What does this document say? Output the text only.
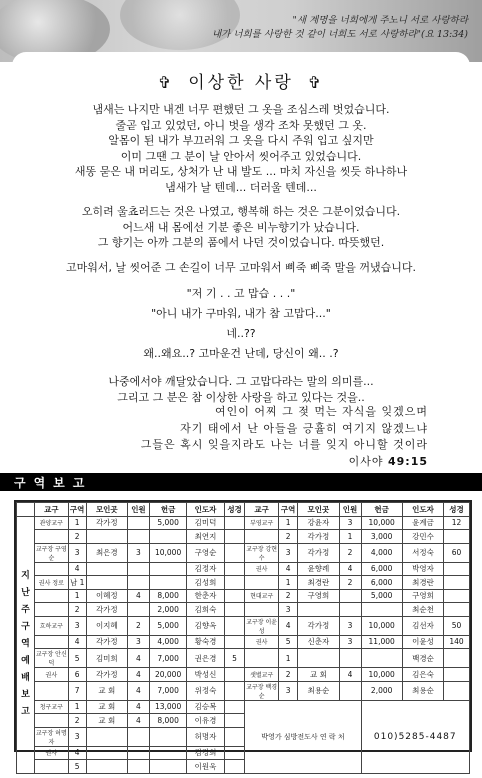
"새 계명을 너희에게 주노니 서로 사랑하라
내가 너희를 사랑한 것 같이 너희도 서로 사랑하라"(요 13:34)
✞ 이상한 사랑 ✞

냄새는 나지만 내겐 너무 편했던 그 옷을 조심스레 벗었습니다.
줄곧 입고 있었던, 아니 벗을 생각 조차 못했던 그 옷.
알몸이 된 내가 부끄러워 그 옷을 다시 주워 입고 싶지만
이미 그땐 그 분이 날 안아서 씻어주고 있었습니다.
새똥 묻은 내 머리도, 상처가 난 내 발도 ... 마치 자신을 씻듯 하나하나
냄새가 날 텐데... 더러울 텐데...

오히려 울쵸러드는 것은 나였고, 행복해 하는 것은 그분이었습니다.
어느새 내 몸에선 기분 좋은 비누향기가 났습니다.
그 향기는 아까 그분의 품에서 나던 것이었습니다. 따뜻했던.

고마워서, 날 씻어준 그 손길이 너무 고마워서 삐죽 삐죽 말을 꺼냈습니다.

"저 기 . . 고 맙습 . . ."
"아니 내가 구마워, 내가 참 고맙다..."
네..??
왜..왜요..? 고마운건 난데, 당신이 왜.. .?

나중에서야 깨달았습니다. 그 고맙다라는 말의 의미를...
그리고 그 분은 참 이상한 사랑을 하고 있다는 것을..

여인이 어찌 그 젖 먹는 자식을 잊겠으며
자기 태에서 난 아들을 긍휼히 여기지 않겠느냐
그들은 혹시 잊을지라도 나는 너를 잊지 아니할 것이라
이사야 49:15
구역보고
	교구	구역	모인곳	인원	헌금	인도자	성경	교구	구역	모인곳	인원	헌금	인도자	성경
지 난 주 구 역 예 배 보 고	관양교구	1	각가정		5,000	김미덕		부영교구	1	강윤자	3	10,000	윤계금	12
		2				최연지			2	각가정	1	3,000	강민수	
	교구장 구영순	3	최은경	3	10,000	구영순		교구장 강현수	3	각가정	2	4,000	서정숙	60
		4				김정자		권사	4	윤향례	4	6,000	박영자	
	권사 정로	남 1				김성희			1	최경란	2	6,000	최경란	
		1	이혜정	4	8,000	한춘자		현대교구	2	구영희		5,000	구영희	
		2	각가정		2,000	김희숙			3				최순천	
	흐하교구	3	이지혜	2	5,000	김향옥		교구장 이윤성	4	각가정	3	10,000	김선자	50
		4	각가정	3	4,000	황숙경		권사	5	신춘자	3	11,000	이윤성	140
	교구장 안신덕	5	김미희	4	7,000	권은경	5		1				백경순	
	권사	6	각가정	4	20,000	박성신		샛별교구	2	교 회	4	10,000	김은숙	
		7	교 회	4	7,000	위정숙		교구장 백경순	3	최용순		2,000	최용순	
	청구교구	1	교 회	4	13,000	김승복		박영가 심방전도사 연 락 처				010)5285-4487		
		2	교 회	4	8,000	이유경								
	교구장 허명자	3				허명자								
	권사	4				김경희								
		5				이원욱								
